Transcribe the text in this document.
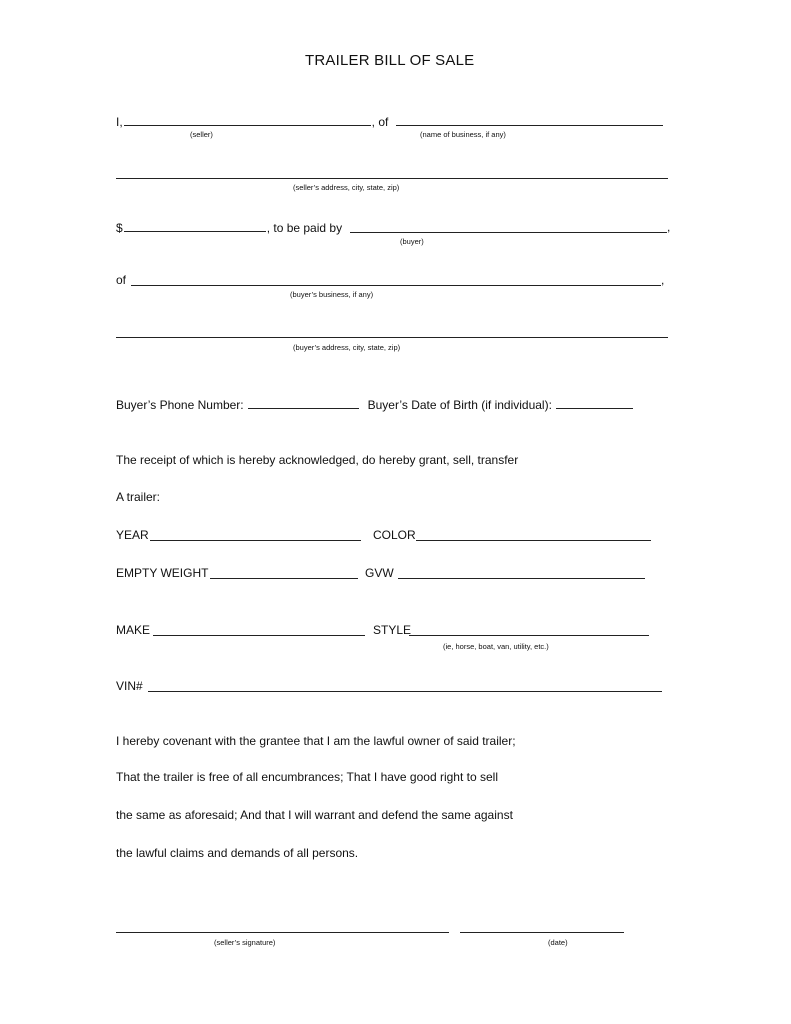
TRAILER BILL OF SALE
I,	, of
(seller)	(name of business, if any)
(seller’s address, city, state, zip)
$	, to be paid by	,
(buyer)
of	,
(buyer’s business, if any)
(buyer’s address, city, state, zip)
Buyer’s Phone Number:	Buyer’s Date of Birth (if individual):
The receipt of which is hereby acknowledged, do hereby grant, sell, transfer
A trailer:
YEAR	COLOR
EMPTY WEIGHT	GVW
MAKE	STYLE
(ie, horse, boat, van, utility, etc.)
VIN#
I hereby covenant with the grantee that I am the lawful owner of said trailer;
That the trailer is free of all encumbrances; That I have good right to sell
the same as aforesaid; And that I will warrant and defend the same against
the lawful claims and demands of all persons.
(seller’s signature)	(date)
